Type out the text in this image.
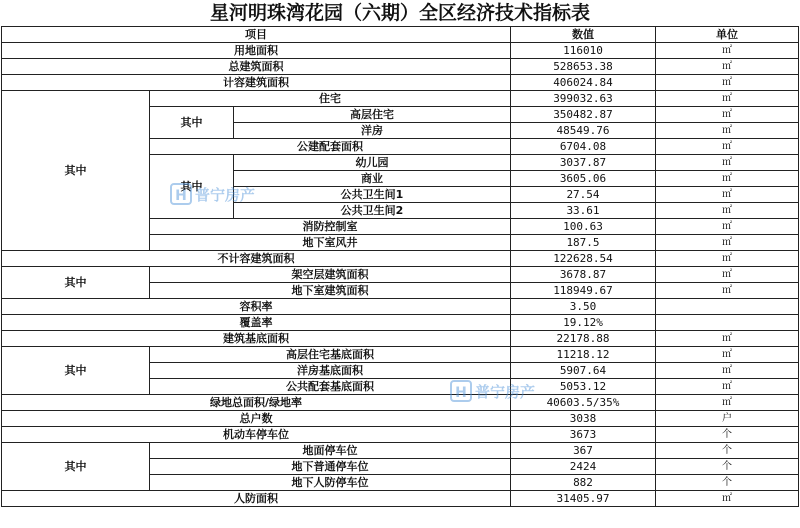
星河明珠湾花园（六期）全区经济技术指标表
项目			数值	单位	
用地面积			116010	㎡	
总建筑面积			528653.38	㎡	
计容建筑面积			406024.84	㎡	
其中	住宅		399032.63	㎡	
	其中	高层住宅	350482.87	㎡	
		洋房	48549.76	㎡	
	公建配套面积		6704.08	㎡	
	其中	幼儿园	3037.87	㎡	
		商业	3605.06	㎡	
		公共卫生间1	27.54	㎡	
		公共卫生间2	33.61	㎡	
	消防控制室		100.63	㎡	
	地下室风井		187.5	㎡	
不计容建筑面积			122628.54	㎡	
其中	架空层建筑面积		3678.87	㎡	
	地下室建筑面积		118949.67	㎡	
容积率			3.50		
覆盖率			19.12%		
建筑基底面积			22178.88	㎡	
其中	高层住宅基底面积		11218.12	㎡	
	洋房基底面积		5907.64	㎡	
	公共配套基底面积		5053.12	㎡	
绿地总面积/绿地率			40603.5/35%	㎡	
总户数			3038	户	
机动车停车位			3673	个	
其中	地面停车位		367	个	
	地下普通停车位		2424	个	
	地下人防停车位		882	个	
人防面积			31405.97	㎡	
H 普宁房产
H 普宁房产
